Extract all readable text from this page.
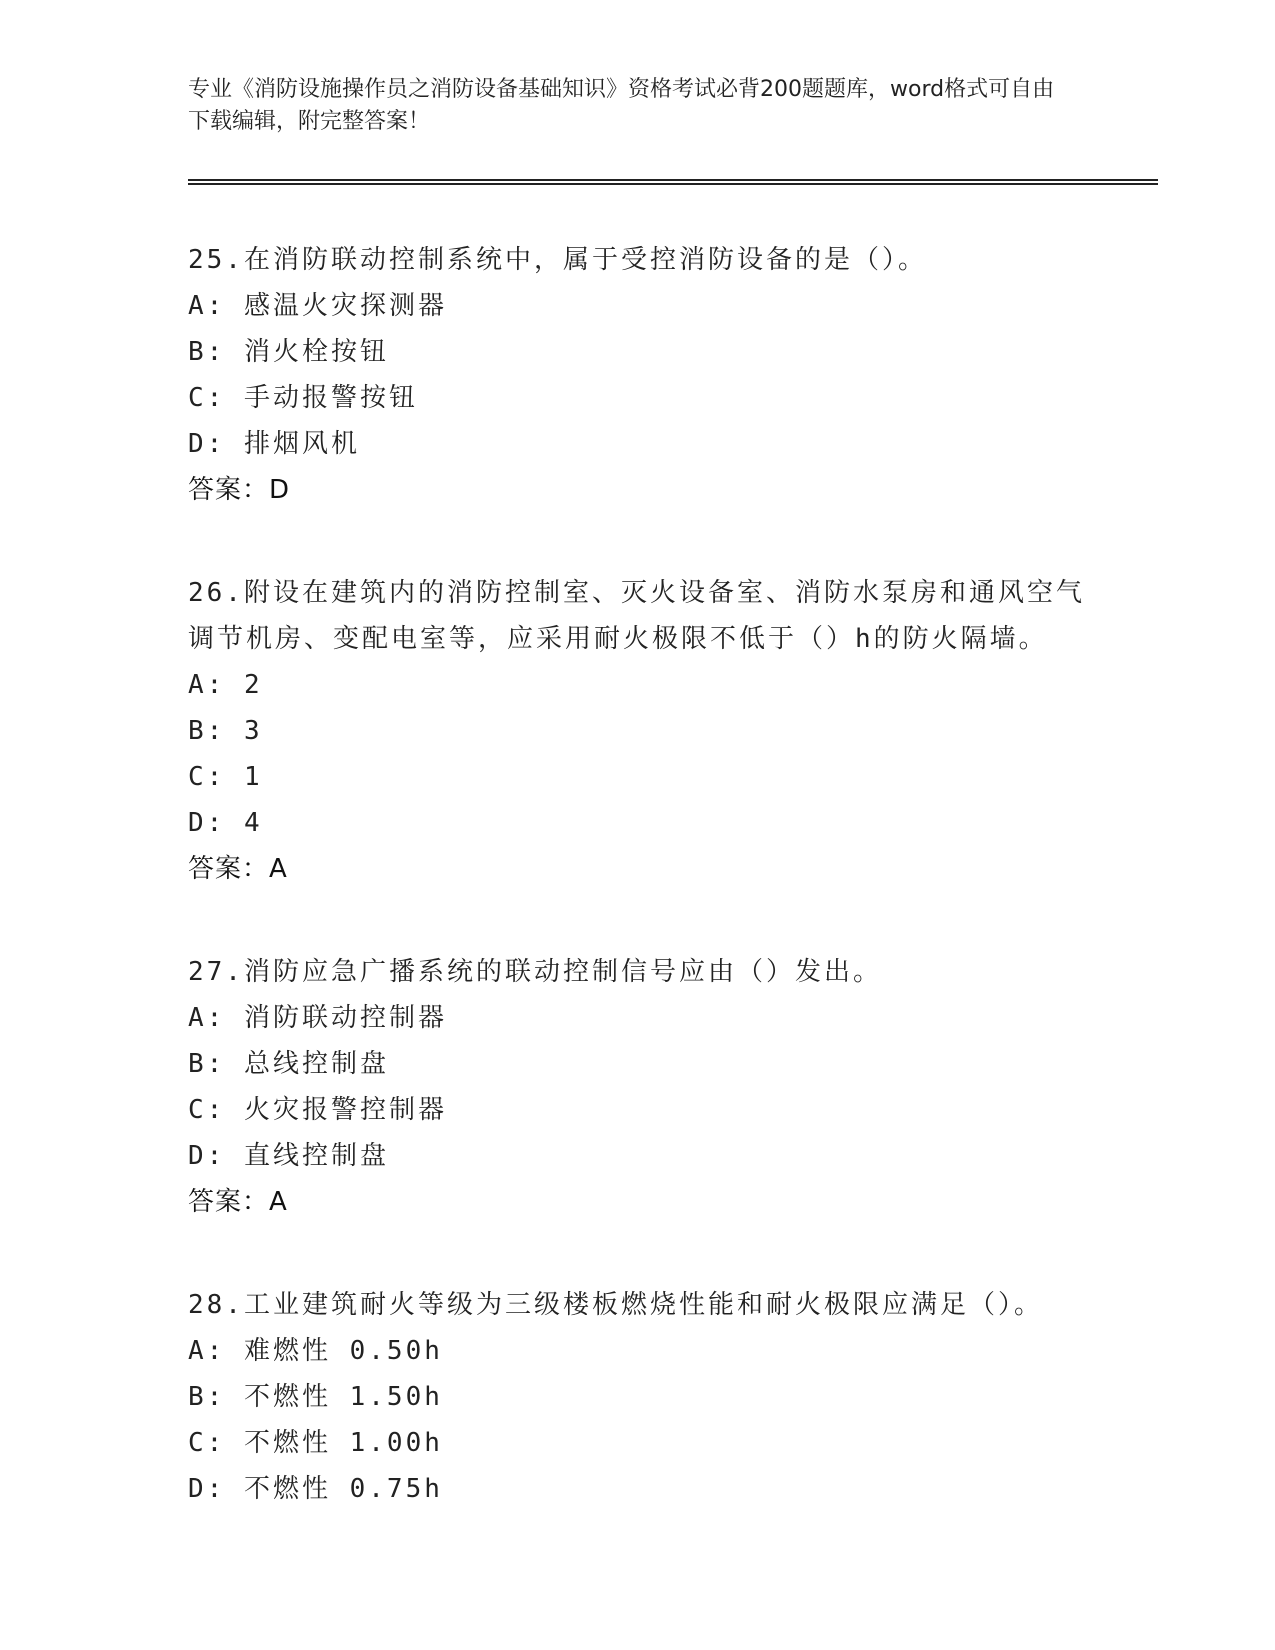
专业《消防设施操作员之消防设备基础知识》资格考试必背200题题库，word格式可自由下载编辑，附完整答案！
25.在消防联动控制系统中，属于受控消防设备的是（）。
A: 感温火灾探测器
B: 消火栓按钮
C: 手动报警按钮
D: 排烟风机
答案：D
26.附设在建筑内的消防控制室、灭火设备室、消防水泵房和通风空气调节机房、变配电室等，应采用耐火极限不低于（）h的防火隔墙。
A: 2
B: 3
C: 1
D: 4
答案：A
27.消防应急广播系统的联动控制信号应由（）发出。
A: 消防联动控制器
B: 总线控制盘
C: 火灾报警控制器
D: 直线控制盘
答案：A
28.工业建筑耐火等级为三级楼板燃烧性能和耐火极限应满足（）。
A: 难燃性 0.50h
B: 不燃性 1.50h
C: 不燃性 1.00h
D: 不燃性 0.75h
